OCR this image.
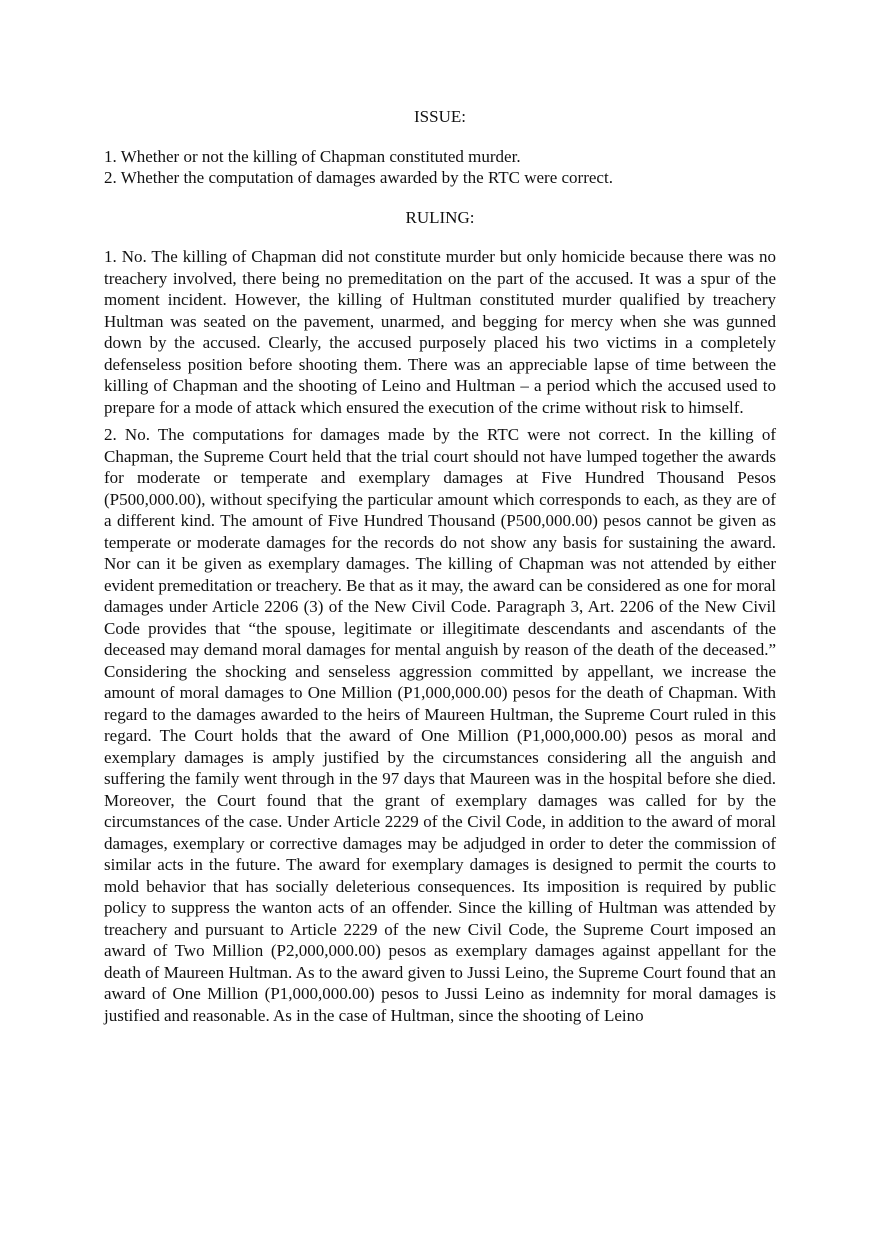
ISSUE:

1. Whether or not the killing of Chapman constituted murder.
2. Whether the computation of damages awarded by the RTC were correct.

RULING:

1. No. The killing of Chapman did not constitute murder but only homicide because there was no treachery involved, there being no premeditation on the part of the accused. It was a spur of the moment incident. However, the killing of Hultman constituted murder qualified by treachery Hultman was seated on the pavement, unarmed, and begging for mercy when she was gunned down by the accused. Clearly, the accused purposely placed his two victims in a completely defenseless position before shooting them. There was an appreciable lapse of time between the killing of Chapman and the shooting of Leino and Hultman – a period which the accused used to prepare for a mode of attack which ensured the execution of the crime without risk to himself.

2. No. The computations for damages made by the RTC were not correct. In the killing of Chapman, the Supreme Court held that the trial court should not have lumped together the awards for moderate or temperate and exemplary damages at Five Hundred Thousand Pesos (P500,000.00), without specifying the particular amount which corresponds to each, as they are of a different kind. The amount of Five Hundred Thousand (P500,000.00) pesos cannot be given as temperate or moderate damages for the records do not show any basis for sustaining the award. Nor can it be given as exemplary damages. The killing of Chapman was not attended by either evident premeditation or treachery. Be that as it may, the award can be considered as one for moral damages under Article 2206 (3) of the New Civil Code. Paragraph 3, Art. 2206 of the New Civil Code provides that “the spouse, legitimate or illegitimate descendants and ascendants of the deceased may demand moral damages for mental anguish by reason of the death of the deceased.” Considering the shocking and senseless aggression committed by appellant, we increase the amount of moral damages to One Million (P1,000,000.00) pesos for the death of Chapman. With regard to the damages awarded to the heirs of Maureen Hultman, the Supreme Court ruled in this regard. The Court holds that the award of One Million (P1,000,000.00) pesos as moral and exemplary damages is amply justified by the circumstances considering all the anguish and suffering the family went through in the 97 days that Maureen was in the hospital before she died. Moreover, the Court found that the grant of exemplary damages was called for by the circumstances of the case. Under Article 2229 of the Civil Code, in addition to the award of moral damages, exemplary or corrective damages may be adjudged in order to deter the commission of similar acts in the future. The award for exemplary damages is designed to permit the courts to mold behavior that has socially deleterious consequences. Its imposition is required by public policy to suppress the wanton acts of an offender. Since the killing of Hultman was attended by treachery and pursuant to Article 2229 of the new Civil Code, the Supreme Court imposed an award of Two Million (P2,000,000.00) pesos as exemplary damages against appellant for the death of Maureen Hultman. As to the award given to Jussi Leino, the Supreme Court found that an award of One Million (P1,000,000.00) pesos to Jussi Leino as indemnity for moral damages is justified and reasonable. As in the case of Hultman, since the shooting of Leino
